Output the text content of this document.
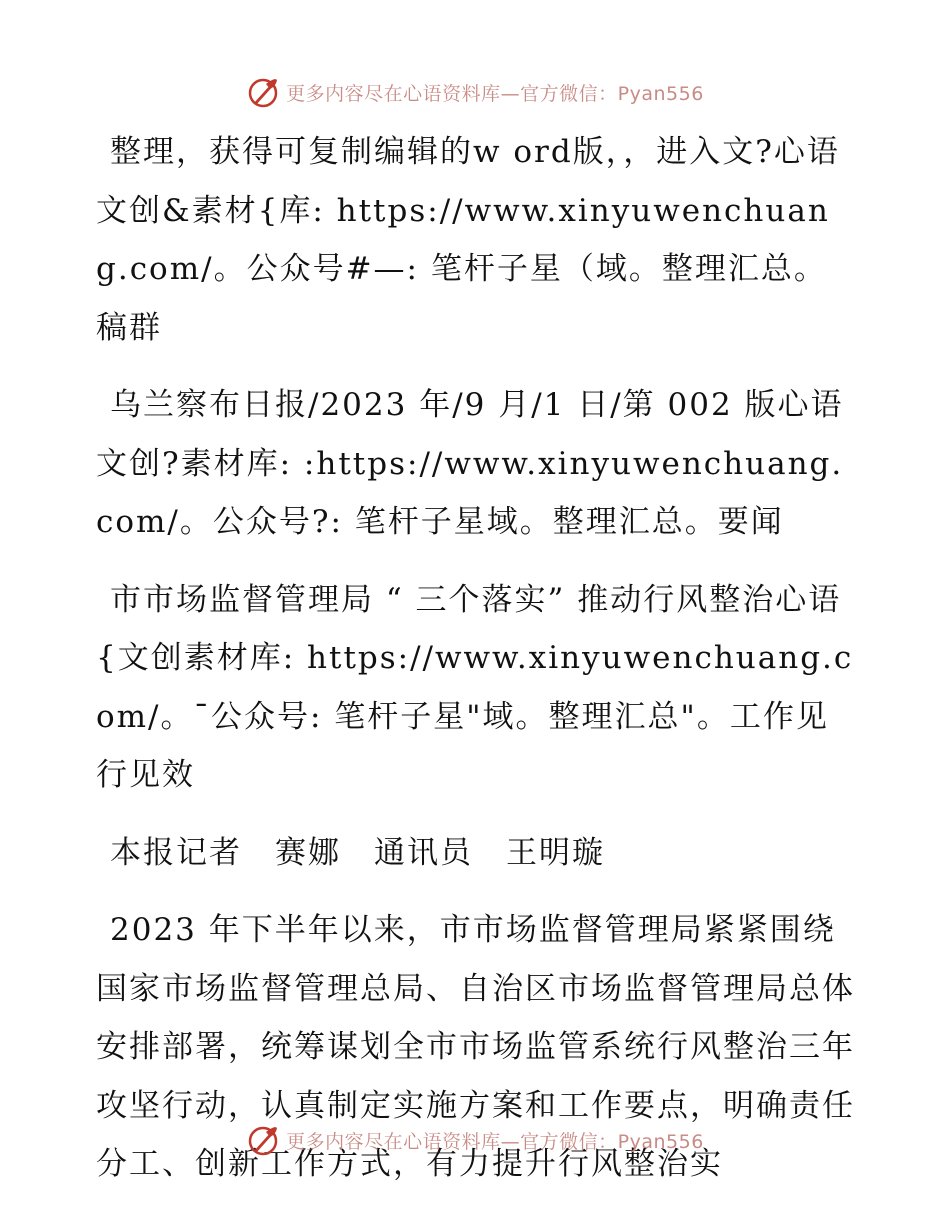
更多内容尽在心语资料库—官方微信：Pyan556

整理，获得可复制编辑的w ord版，，进入文?心语文创&素材{库: https://www.xinyuwenchuang.com/。公众号#—: 笔杆子星（域。整理汇总。稿群

乌兰察布日报/2023 年/9 月/1 日/第 002 版心语文创?素材库: :https://www.xinyuwenchuang.com/。公众号?: 笔杆子星域。整理汇总。要闻

市市场监督管理局 “ 三个落实” 推动行风整治心语{文创素材库: https://www.xinyuwenchuang.com/。¯公众号: 笔杆子星"域。整理汇总"。工作见行见效

本报记者　赛娜　通讯员　王明璇

2023 年下半年以来，市市场监督管理局紧紧围绕国家市场监督管理总局、自治区市场监督管理局总体安排部署，统筹谋划全市市场监管系统行风整治三年攻坚行动，认真制定实施方案和工作要点，明确责任分工、创新工作方式，有力提升行风整治实

更多内容尽在心语资料库—官方微信：Pyan556
